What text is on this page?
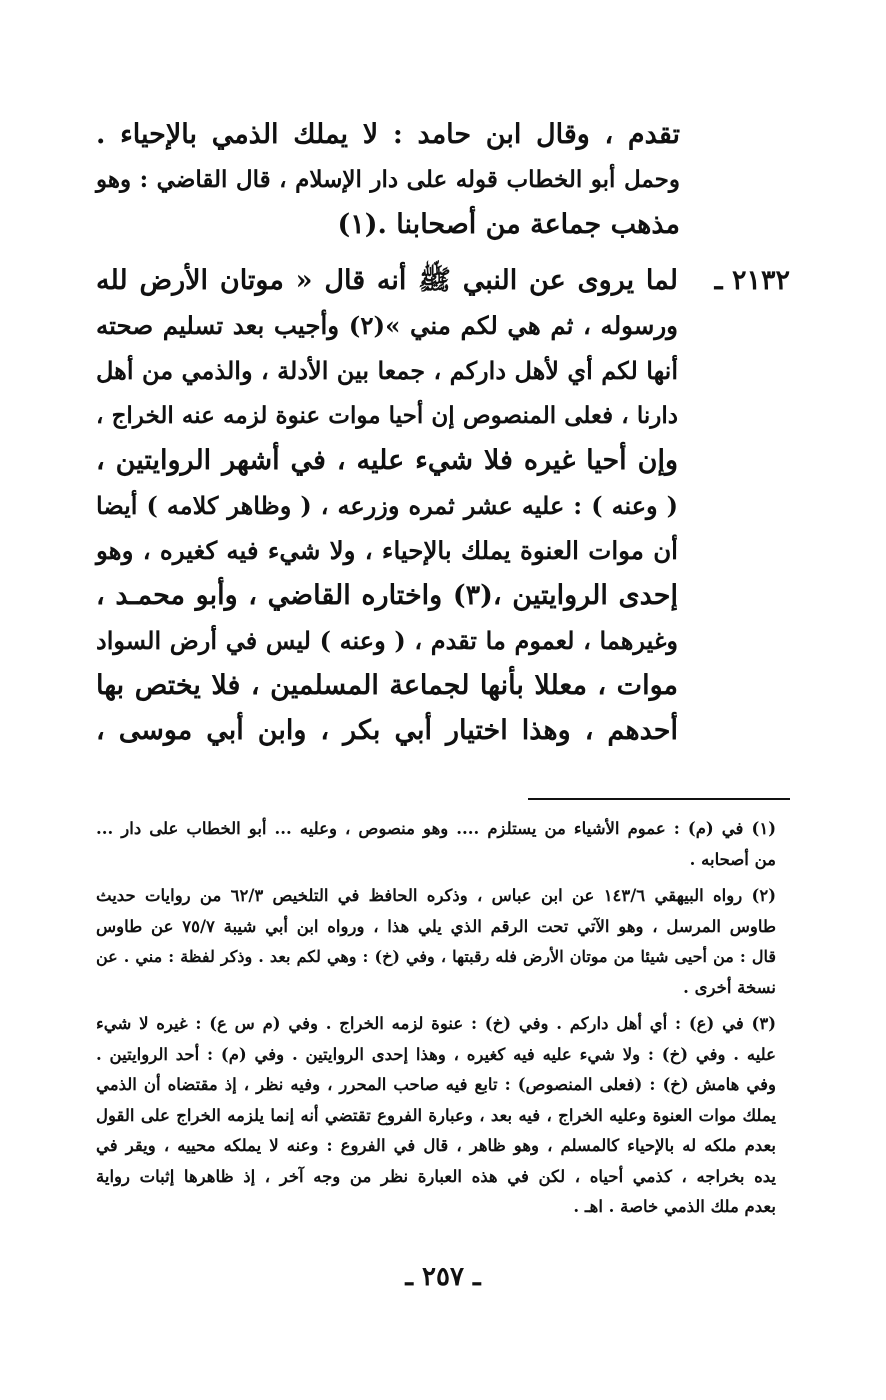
تقدم ، وقال ابن حامد : لا يملك الذمي بالإحياء .
وحمل أبو الخطاب قوله على دار الإسلام ، قال القاضي : وهو
مذهب جماعة من أصحابنا .(١)
٢١٣٢ ـ
لما يروى عن النبي ﷺ أنه قال « موتان الأرض لله
ورسوله ، ثم هي لكم مني »(٢) وأجيب بعد تسليم صحته
أنها لكم أي لأهل داركم ، جمعا بين الأدلة ، والذمي من أهل
دارنا ، فعلى المنصوص إن أحيا موات عنوة لزمه عنه الخراج ،
وإن أحيا غيره فلا شيء عليه ، في أشهر الروايتين ،
( وعنه ) : عليه عشر ثمره وزرعه ، ( وظاهر كلامه ) أيضا
أن موات العنوة يملك بالإحياء ، ولا شيء فيه كغيره ، وهو
إحدى الروايتين ،(٣) واختاره القاضي ، وأبو محمـد ،
وغيرهما ، لعموم ما تقدم ، ( وعنه ) ليس في أرض السواد
موات ، معللا بأنها لجماعة المسلمين ، فلا يختص بها
أحدهم ، وهذا اختيار أبي بكر ، وابن أبي موسى ،
(١) في (م) : عموم الأشياء من يستلزم .... وهو منصوص ، وعليه ... أبو الخطاب على دار ...
من أصحابه .
(٢) رواه البيهقي ١٤٣/٦ عن ابن عباس ، وذكره الحافظ في التلخيص ٦٢/٣ من روايات حديث
طاوس المرسل ، وهو الآتي تحت الرقم الذي يلي هذا ، ورواه ابن أبي شيبة ٧٥/٧ عن طاوس
قال : من أحيى شيئا من موتان الأرض فله رقبتها ، وفي (خ) : وهي لكم بعد . وذكر لفظة : مني . عن
نسخة أخرى .
(٣) في (ع) : أي أهل داركم . وفي (خ) : عنوة لزمه الخراج . وفي (م س ع) : غيره لا شيء
عليه . وفي (خ) : ولا شيء عليه فيه كغيره ، وهذا إحدى الروايتين . وفي (م) : أحد الروايتين .
وفي هامش (خ) : (فعلى المنصوص) : تابع فيه صاحب المحرر ، وفيه نظر ، إذ مقتضاه أن الذمي
يملك موات العنوة وعليه الخراج ، فيه بعد ، وعبارة الفروع تقتضي أنه إنما يلزمه الخراج على القول
بعدم ملكه له بالإحياء كالمسلم ، وهو ظاهر ، قال في الفروع : وعنه لا يملكه محييه ، ويقر في
يده بخراجه ، كذمي أحياه ، لكن في هذه العبارة نظر من وجه آخر ، إذ ظاهرها إثبات رواية
بعدم ملك الذمي خاصة . اهـ .
ـ ٢٥٧ ـ
